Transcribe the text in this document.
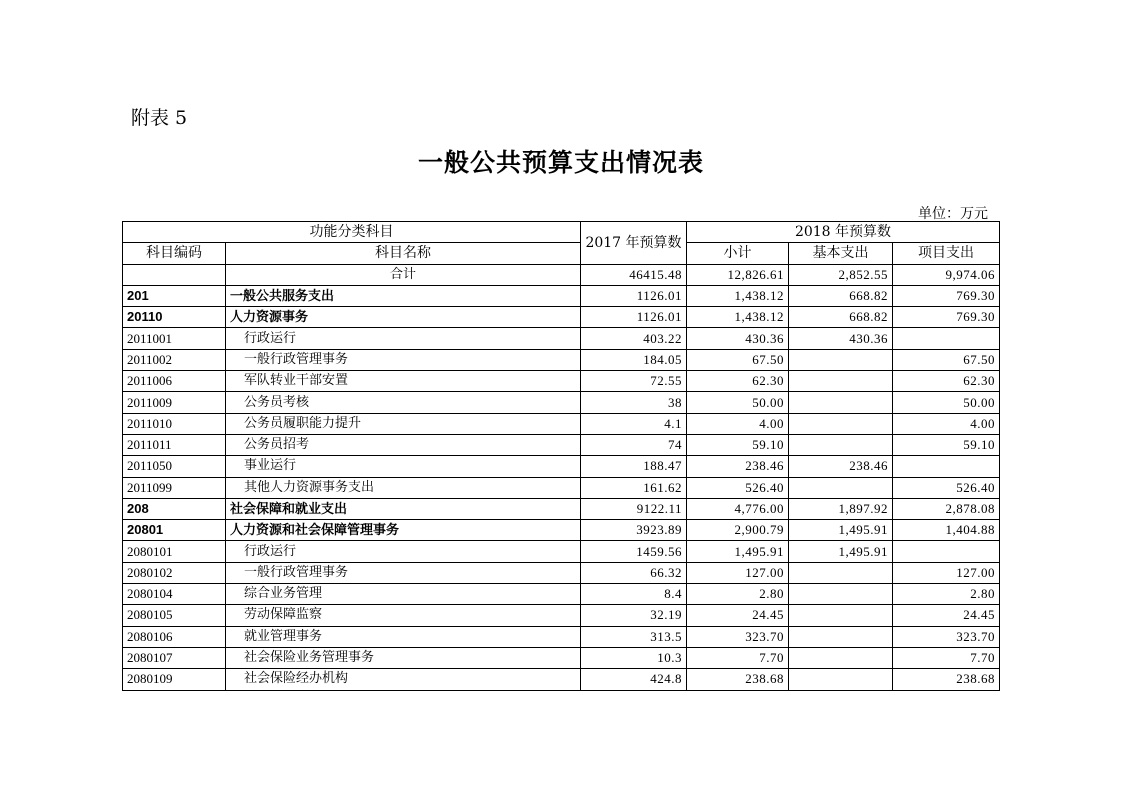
附表 5
一般公共预算支出情况表
单位：万元
功能分类科目		2017 年预算数	2018 年预算数		
科目编码	科目名称		小计	基本支出	项目支出
	合计	46415.48	12,826.61	2,852.55	9,974.06
201	一般公共服务支出	1126.01	1,438.12	668.82	769.30
20110	人力资源事务	1126.01	1,438.12	668.82	769.30
2011001	行政运行	403.22	430.36	430.36	
2011002	一般行政管理事务	184.05	67.50		67.50
2011006	军队转业干部安置	72.55	62.30		62.30
2011009	公务员考核	38	50.00		50.00
2011010	公务员履职能力提升	4.1	4.00		4.00
2011011	公务员招考	74	59.10		59.10
2011050	事业运行	188.47	238.46	238.46	
2011099	其他人力资源事务支出	161.62	526.40		526.40
208	社会保障和就业支出	9122.11	4,776.00	1,897.92	2,878.08
20801	人力资源和社会保障管理事务	3923.89	2,900.79	1,495.91	1,404.88
2080101	行政运行	1459.56	1,495.91	1,495.91	
2080102	一般行政管理事务	66.32	127.00		127.00
2080104	综合业务管理	8.4	2.80		2.80
2080105	劳动保障监察	32.19	24.45		24.45
2080106	就业管理事务	313.5	323.70		323.70
2080107	社会保险业务管理事务	10.3	7.70		7.70
2080109	社会保险经办机构	424.8	238.68		238.68
